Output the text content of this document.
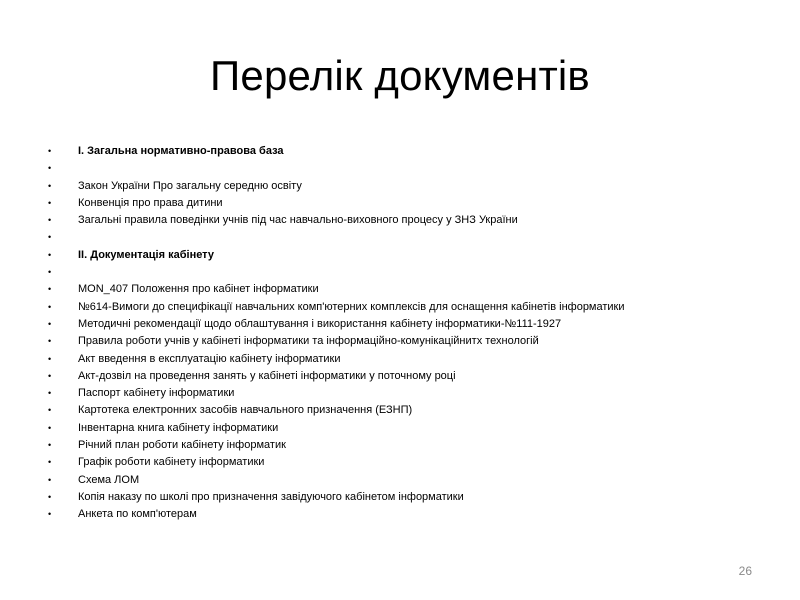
Перелік документів
• І. Загальна нормативно-правова база
•
• Закон України Про загальну середню освіту
• Конвенція про права дитини
• Загальні правила поведінки учнів під час навчально-виховного процесу у ЗНЗ України
•
• ІІ. Документація кабінету
•
• MON_407 Положення про кабінет інформатики
• №614-Вимоги до специфікації навчальних комп'ютерних комплексів для оснащення кабінетів інформатики
• Методичні рекомендації щодо облаштування і використання кабінету інформатики-№111-1927
• Правила роботи учнів у кабінеті інформатики та інформаційно-комунікаційнитх технологій
• Акт введення в експлуатацію кабінету інформатики
• Акт-дозвіл на проведення занять у кабінеті інформатики у поточному році
• Паспорт кабінету інформатики
• Картотека електронних засобів навчального призначення (ЕЗНП)
• Інвентарна книга кабінету інформатики
• Річний план роботи кабінету інформатик
• Графік роботи кабінету інформатики
• Схема ЛОМ
• Копія наказу по школі про призначення завідуючого кабінетом інформатики
• Анкета по комп'ютерам
26
